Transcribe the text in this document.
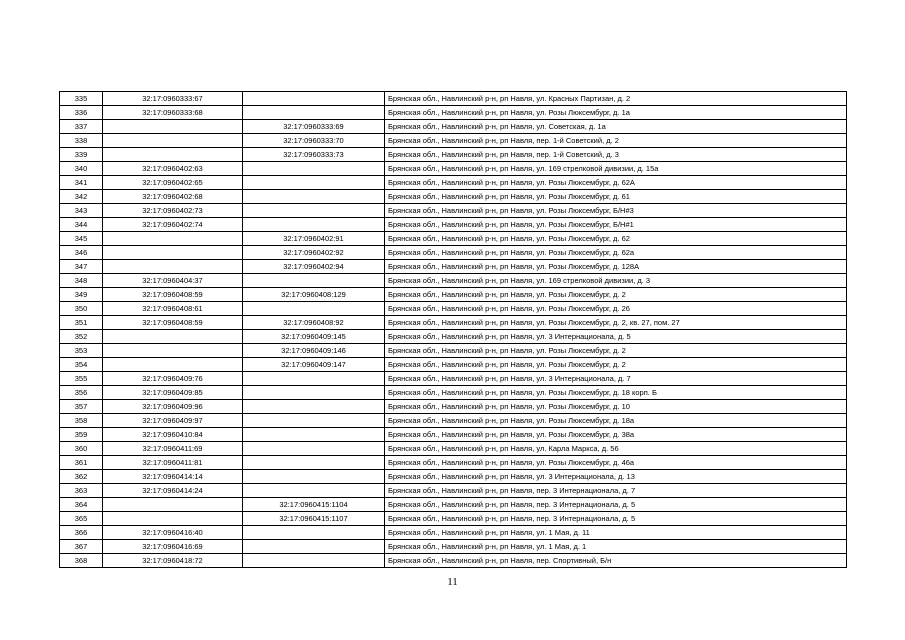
335	32:17:0960333:67		Брянская обл., Навлинский р-н, рп Навля, ул. Красных Партизан, д. 2
336	32:17:0960333:68		Брянская обл., Навлинский р-н, рп Навля, ул. Розы Люксембург, д. 1а
337		32:17:0960333:69	Брянская обл., Навлинский р-н, рп Навля, ул. Советская, д. 1а
338		32:17:0960333:70	Брянская обл., Навлинский р-н, рп Навля, пер. 1-й Советский, д. 2
339		32:17:0960333:73	Брянская обл., Навлинский р-н, рп Навля, пер. 1-й Советский, д. 3
340	32:17:0960402:63		Брянская обл., Навлинский р-н, рп Навля, ул. 169 стрелковой дивизии, д. 15а
341	32:17:0960402:65		Брянская обл., Навлинский р-н, рп Навля, ул. Розы Люксембург, д. 62А
342	32:17:0960402:68		Брянская обл., Навлинский р-н, рп Навля, ул. Розы Люксембург, д. 61
343	32:17:0960402:73		Брянская обл., Навлинский р-н, рп Навля, ул. Розы Люксембург, Б/Н#3
344	32:17:0960402:74		Брянская обл., Навлинский р-н, рп Навля, ул. Розы Люксембург, Б/Н#1
345		32:17:0960402:91	Брянская обл., Навлинский р-н, рп Навля, ул. Розы Люксембург, д. 62
346		32:17:0960402:92	Брянская обл., Навлинский р-н, рп Навля, ул. Розы Люксембург, д. 62а
347		32:17:0960402:94	Брянская обл., Навлинский р-н, рп Навля, ул. Розы Люксембург, д. 128А
348	32:17:0960404:37		Брянская обл., Навлинский р-н, рп Навля, ул. 169 стрелковой дивизии, д. 3
349	32:17:0960408:59	32:17:0960408:129	Брянская обл., Навлинский р-н, рп Навля, ул. Розы Люксембург, д. 2
350	32:17:0960408:61		Брянская обл., Навлинский р-н, рп Навля, ул. Розы Люксембург, д. 26
351	32:17:0960408:59	32:17:0960408:92	Брянская обл., Навлинский р-н, рп Навля, ул. Розы Люксембург, д. 2, кв. 27, пом. 27
352		32:17:0960409:145	Брянская обл., Навлинский р-н, рп Навля, ул. 3 Интернационала, д. 5
353		32:17:0960409:146	Брянская обл., Навлинский р-н, рп Навля, ул. Розы Люксембург, д. 2
354		32:17:0960409:147	Брянская обл., Навлинский р-н, рп Навля, ул. Розы Люксембург, д. 2
355	32:17:0960409:76		Брянская обл., Навлинский р-н, рп Навля, ул. 3 Интернационала, д. 7
356	32:17:0960409:85		Брянская обл., Навлинский р-н, рп Навля, ул. Розы Люксембург, д. 18 корп. Б
357	32:17:0960409:96		Брянская обл., Навлинский р-н, рп Навля, ул. Розы Люксембург, д. 10
358	32:17:0960409:97		Брянская обл., Навлинский р-н, рп Навля, ул. Розы Люксембург, д. 18а
359	32:17:0960410:84		Брянская обл., Навлинский р-н, рп Навля, ул. Розы Люксембург, д. 38а
360	32:17:0960411:69		Брянская обл., Навлинский р-н, рп Навля, ул. Карла Маркса, д. 56
361	32:17:0960411:81		Брянская обл., Навлинский р-н, рп Навля, ул. Розы Люксембург, д. 46а
362	32:17:0960414:14		Брянская обл., Навлинский р-н, рп Навля, ул. 3 Интернационала, д. 13
363	32:17:0960414:24		Брянская обл., Навлинский р-н, рп Навля, пер. 3 Интернационала, д. 7
364		32:17:0960415:1104	Брянская обл., Навлинский р-н, рп Навля, пер. 3 Интернационала, д. 5
365		32:17:0960415:1107	Брянская обл., Навлинский р-н, рп Навля, пер. 3 Интернационала, д. 5
366	32:17:0960416:40		Брянская обл., Навлинский р-н, рп Навля, ул. 1 Мая, д. 11
367	32:17:0960416:69		Брянская обл., Навлинский р-н, рп Навля, ул. 1 Мая, д. 1
368	32:17:0960418:72		Брянская обл., Навлинский р-н, рп Навля, пер. Спортивный, Б/н
11
